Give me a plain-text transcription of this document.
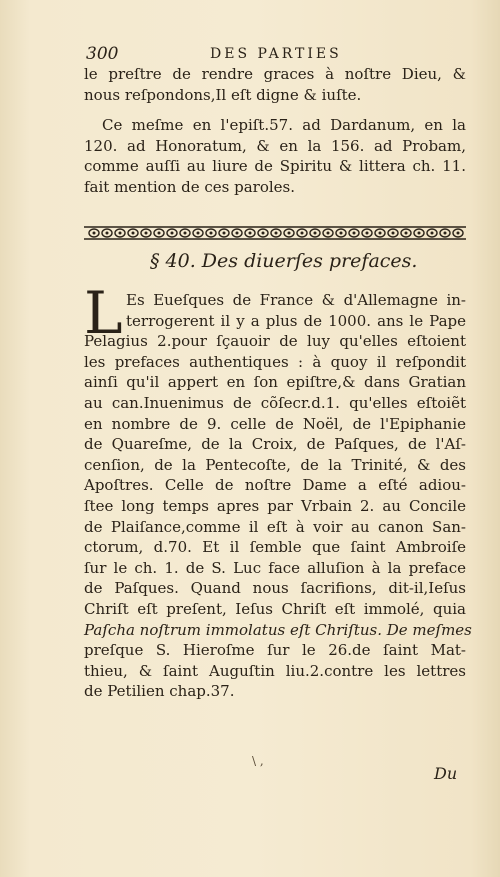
300	DES PARTIES
le preſtre de rendre graces à noſtre Dieu, &
nous reſpondons,Il eſt digne & iuſte.
Ce meſme en l'epiſt.57. ad Dardanum, en la
120. ad Honoratum, & en la 156. ad Probam,
comme auſſi au liure de Spiritu & littera ch. 11.
fait mention de ces paroles.
§ 40. Des diuerſes prefaces.
L Es Eueſques de France & d'Allemagne in-
terrogerent il y a plus de 1000. ans le Pape
Pelagius 2.pour ſçauoir de luy qu'elles eſtoient
les prefaces authentiques : à quoy il reſpondit
ainſi qu'il appert en ſon epiſtre,& dans Gratian
au can.Inuenimus de cõſecr.d.1. qu'elles eſtoiẽt
en nombre de 9. celle de Noël, de l'Epiphanie
de Quareſme, de la Croix, de Paſques, de l'Aſ-
cenſion, de la Pentecoſte, de la Trinité, & des
Apoſtres. Celle de noſtre Dame a eſté adiou-
ſtee long temps apres par Vrbain 2. au Concile
de Plaiſance,comme il eſt à voir au canon San-
ctorum, d.70. Et il ſemble que ſaint Ambroiſe
ſur le ch. 1. de S. Luc face alluſion à la preface
de Paſques. Quand nous ſacrifions, dit-il,Ieſus
Chriſt eſt preſent, Ieſus Chriſt eſt immolé, quia
Paſcha noſtrum immolatus eſt Chriſtus. De meſmes
preſque S. Hieroſme ſur le 26.de ſaint Mat-
thieu, & ſaint Auguſtin liu.2.contre les lettres
de Petilien chap.37.
\ ,
Du
